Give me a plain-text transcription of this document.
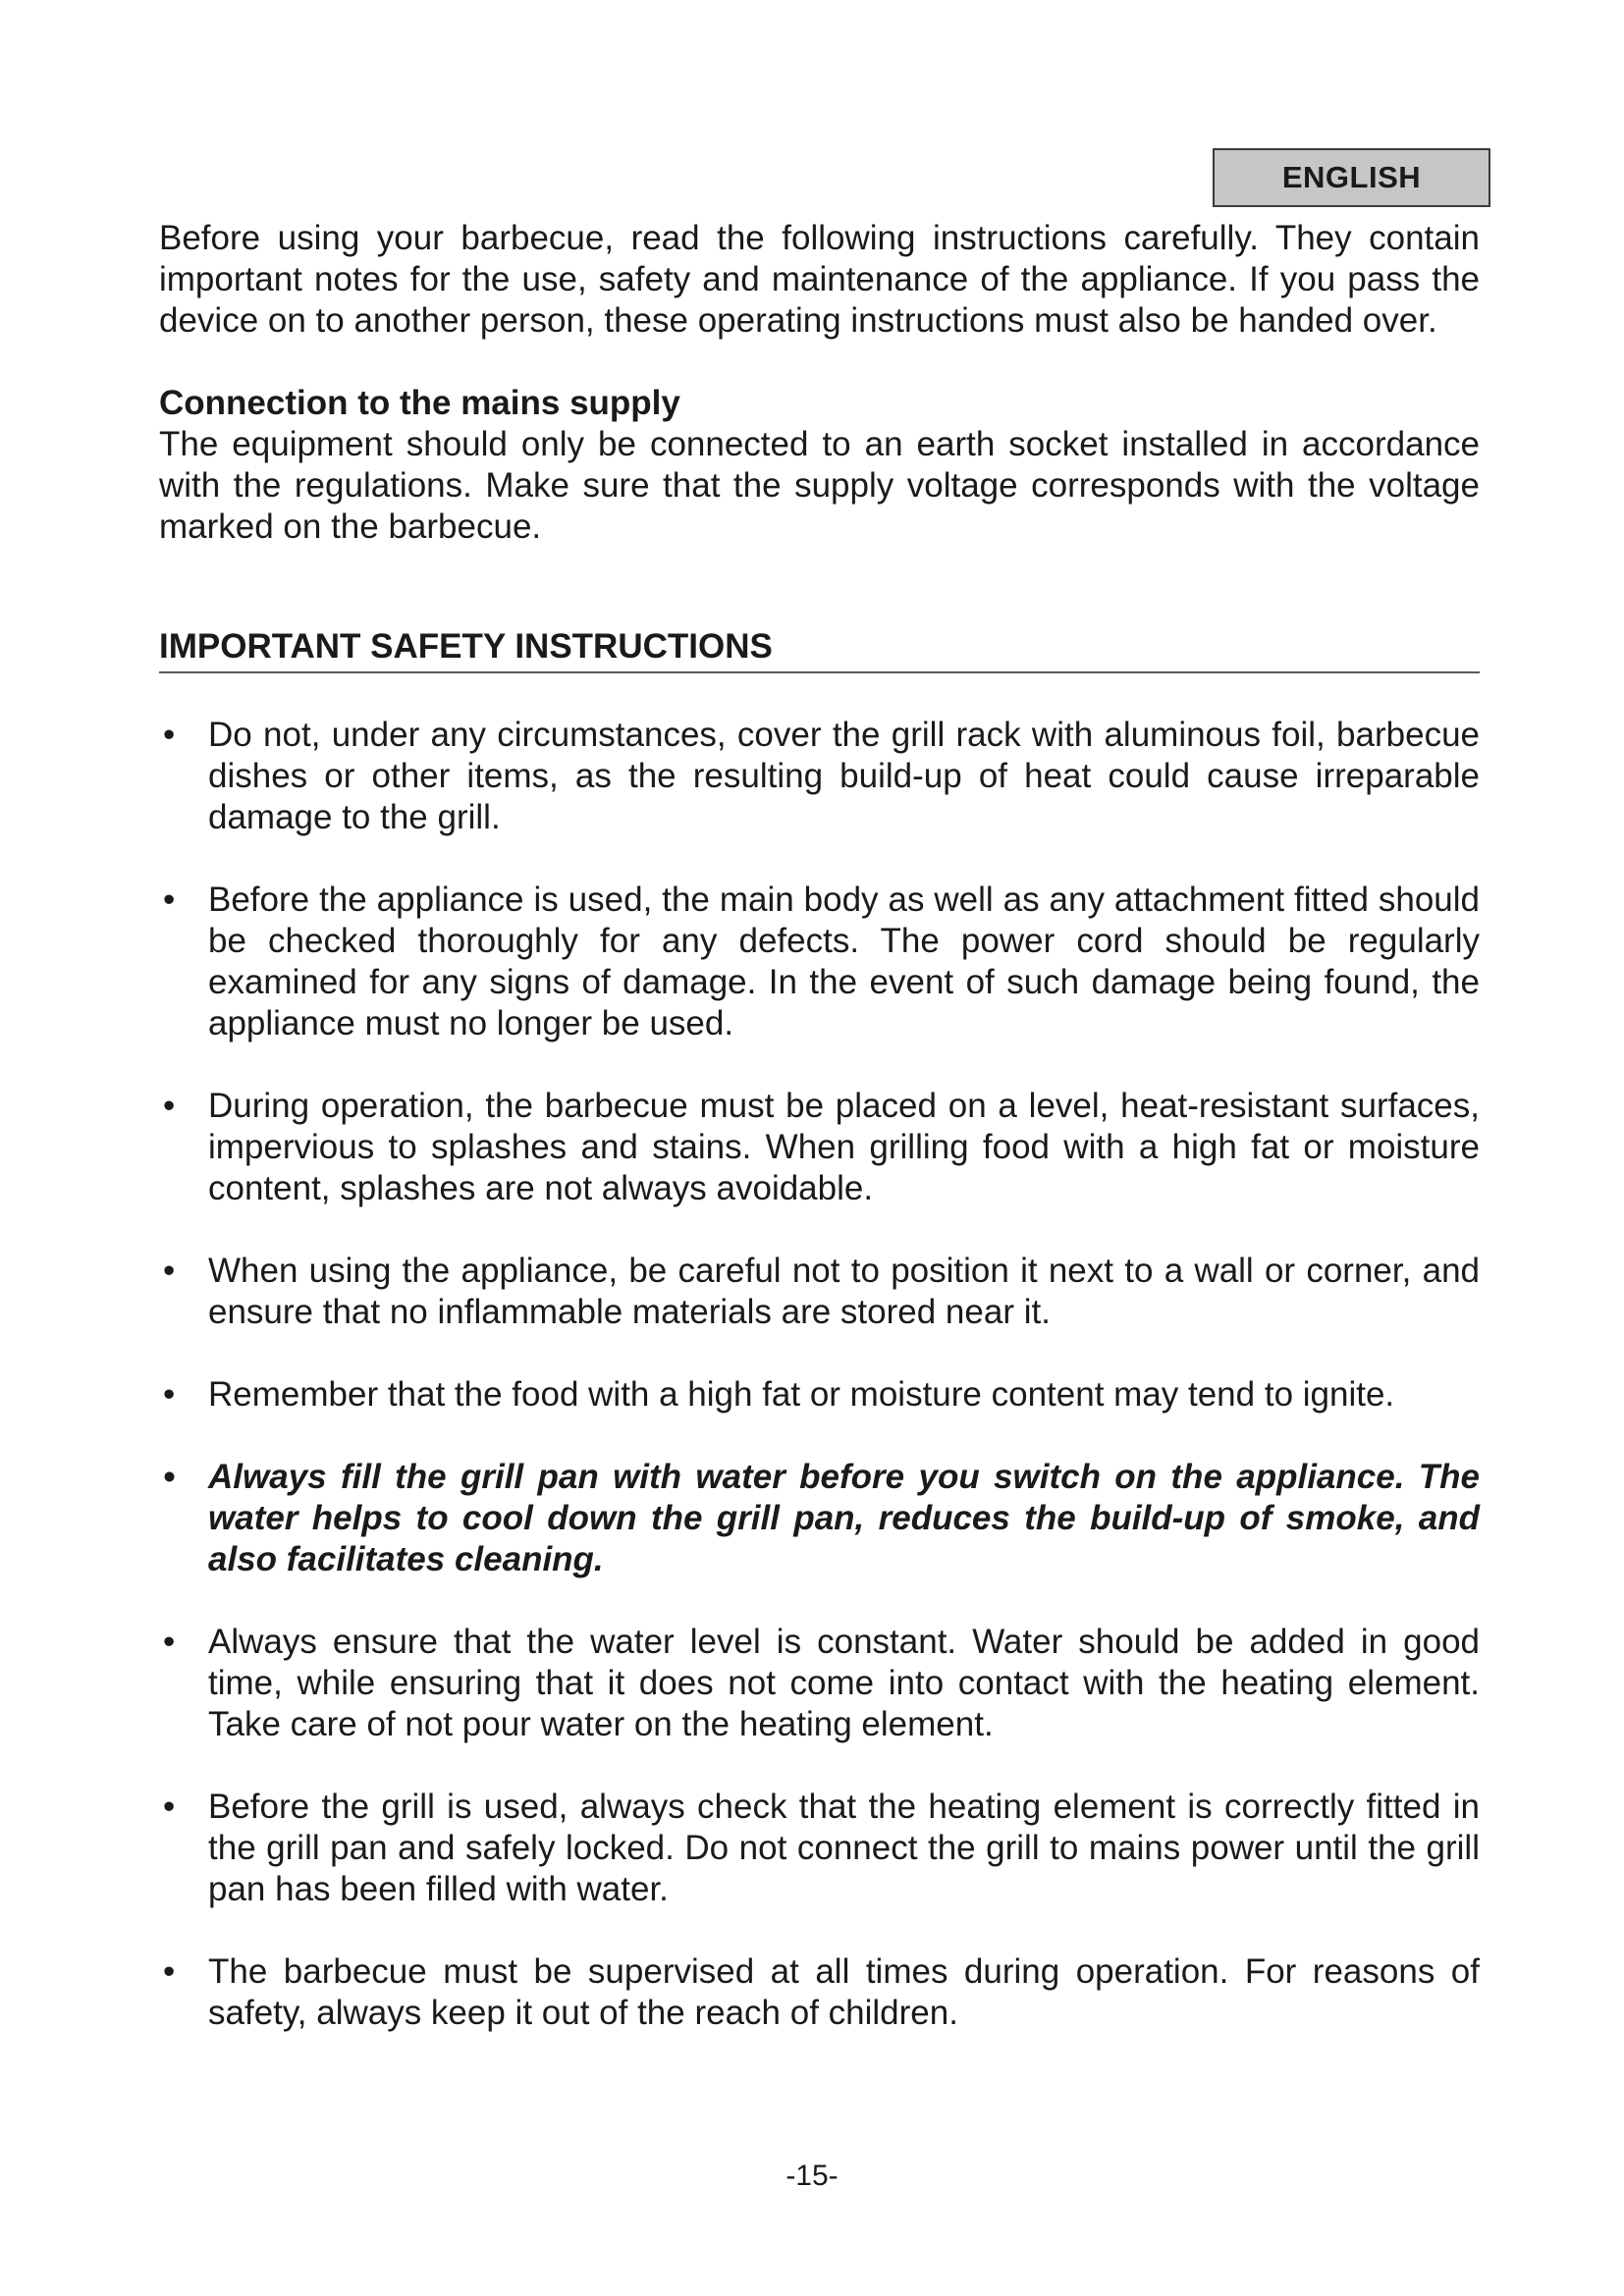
ENGLISH

Before using your barbecue, read the following instructions carefully. They contain important notes for the use, safety and maintenance of the appliance. If you pass the device on to another person, these operating instructions must also be handed over.

Connection to the mains supply

The equipment should only be connected to an earth socket installed in accordance with the regulations. Make sure that the supply voltage corresponds with the voltage marked on the barbecue.

IMPORTANT SAFETY INSTRUCTIONS
• Do not, under any circumstances, cover the grill rack with aluminous foil, barbecue dishes or other items, as the resulting build-up of heat could cause irreparable damage to the grill.
• Before the appliance is used, the main body as well as any attachment fitted should be checked thoroughly for any defects. The power cord should be regularly examined for any signs of damage. In the event of such damage being found, the appliance must no longer be used.
• During operation, the barbecue must be placed on a level, heat-resistant surfaces, impervious to splashes and stains. When grilling food with a high fat or moisture content, splashes are not always avoidable.
• When using the appliance, be careful not to position it next to a wall or corner, and ensure that no inflammable materials are stored near it.
• Remember that the food with a high fat or moisture content may tend to ignite.
• Always fill the grill pan with water before you switch on the appliance. The water helps to cool down the grill pan, reduces the build-up of smoke, and also facilitates cleaning.
• Always ensure that the water level is constant. Water should be added in good time, while ensuring that it does not come into contact with the heating element. Take care of not pour water on the heating element.
• Before the grill is used, always check that the heating element is correctly fitted in the grill pan and safely locked. Do not connect the grill to mains power until the grill pan has been filled with water.
• The barbecue must be supervised at all times during operation. For reasons of safety, always keep it out of the reach of children.
-15-
